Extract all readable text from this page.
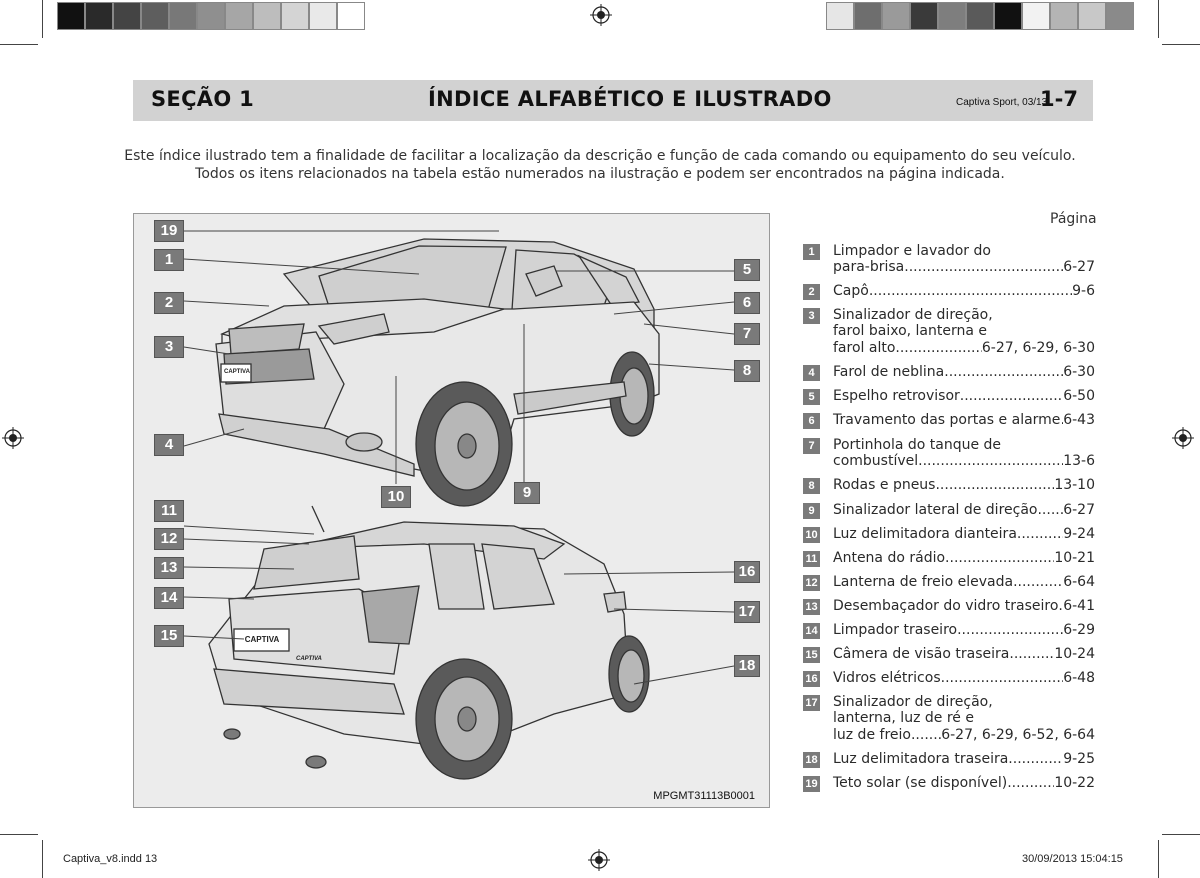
SEÇÃO 1	ÍNDICE ALFABÉTICO E ILUSTRADO	Captiva Sport, 03/13
1-7
Este índice ilustrado tem a finalidade de facilitar a localização da descrição e função de cada comando ou equipamento do seu veículo.
Todos os itens relacionados na tabela estão numerados na ilustração e podem ser encontrados na página indicada.
19
1
2
3
4
5
6
7
8
9
10
11
12
13
14
15
16
17
18
CAPTIVA
CAPTIVA
CAPTIVA
MPGMT31113B0001
Página
1	Limpador e lavador do
para-brisa .....	6-27
2	Capô .....	9-6
3	Sinalizador de direção,
farol baixo, lanterna e
farol alto .....	6-27, 6-29, 6-30
4	Farol de neblina .....	6-30
5	Espelho retrovisor .....	6-50
6	Travamento das portas e alarme ..... 6-43
7	Portinhola do tanque de
combustível .....	13-6
8	Rodas e pneus .....	13-10
9	Sinalizador lateral de direção ..... 6-27
10 Luz delimitadora dianteira .....	9-24
11 Antena do rádio .....	10-21
12 Lanterna de freio elevada .....	6-64
13 Desembaçador do vidro traseiro ..... 6-41
14 Limpador traseiro .....	6-29
15 Câmera de visão traseira .....	10-24
16 Vidros elétricos .....	6-48
17 Sinalizador de direção,
lanterna, luz de ré e
luz de freio ..... 6-27, 6-29, 6-52, 6-64
18 Luz delimitadora traseira .....	9-25
19 Teto solar (se disponível) .....	10-22
Captiva_v8.indd 13	30/09/2013 15:04:15
